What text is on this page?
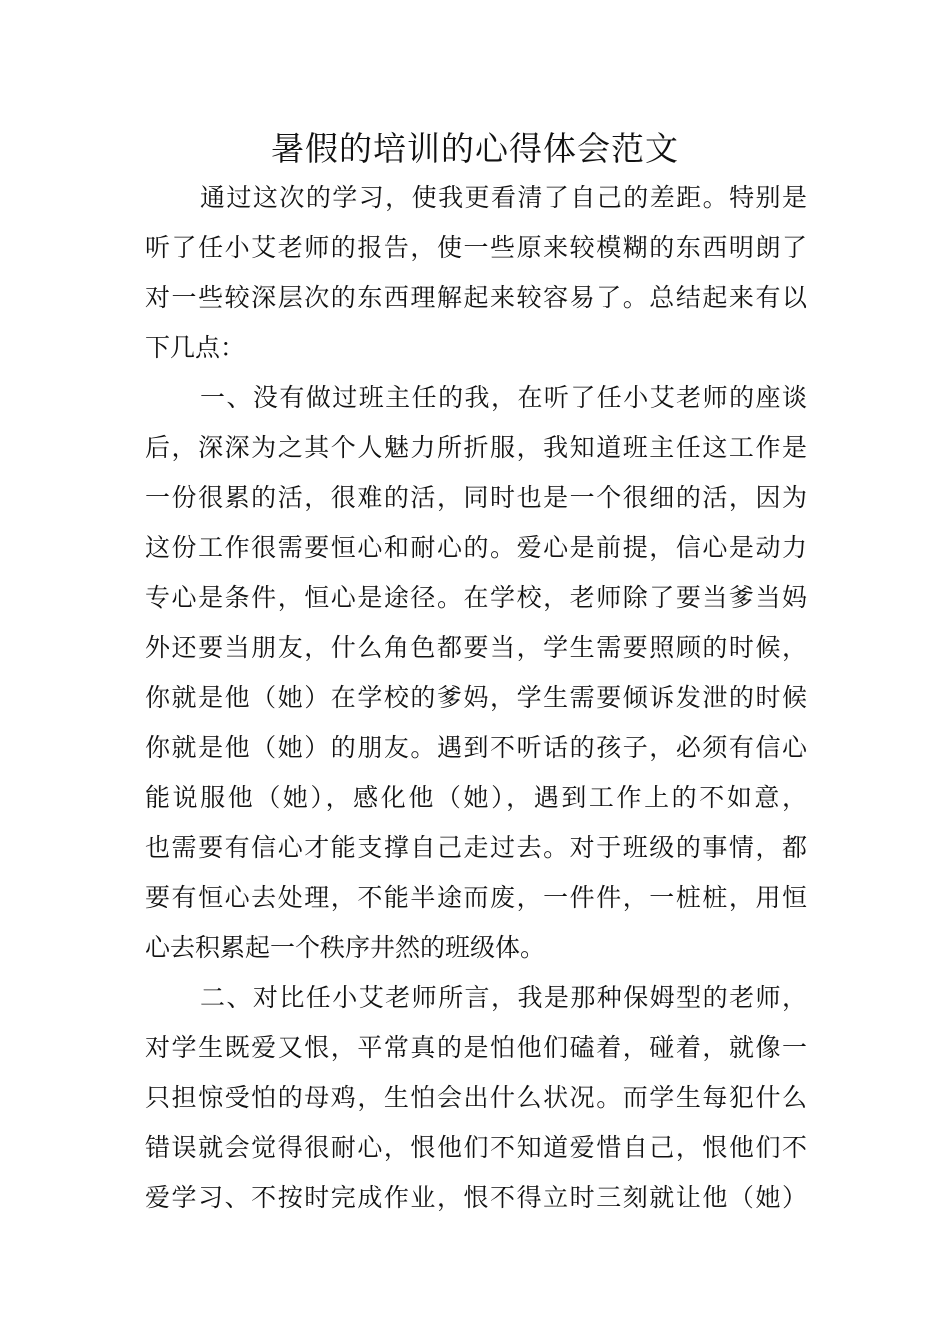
暑假的培训的心得体会范文
通过这次的学习，使我更看清了自己的差距。特别是
听了任小艾老师的报告，使一些原来较模糊的东西明朗了
对一些较深层次的东西理解起来较容易了。总结起来有以
下几点：
一、没有做过班主任的我，在听了任小艾老师的座谈
后，深深为之其个人魅力所折服，我知道班主任这工作是
一份很累的活，很难的活，同时也是一个很细的活，因为
这份工作很需要恒心和耐心的。爱心是前提，信心是动力
专心是条件，恒心是途径。在学校，老师除了要当爹当妈
外还要当朋友，什么角色都要当，学生需要照顾的时候，
你就是他（她）在学校的爹妈，学生需要倾诉发泄的时候
你就是他（她）的朋友。遇到不听话的孩子，必须有信心
能说服他（她），感化他（她），遇到工作上的不如意，
也需要有信心才能支撑自己走过去。对于班级的事情，都
要有恒心去处理，不能半途而废，一件件，一桩桩，用恒
心去积累起一个秩序井然的班级体。
二、对比任小艾老师所言，我是那种保姆型的老师，
对学生既爱又恨，平常真的是怕他们磕着，碰着，就像一
只担惊受怕的母鸡，生怕会出什么状况。而学生每犯什么
错误就会觉得很耐心，恨他们不知道爱惜自己，恨他们不
爱学习、不按时完成作业，恨不得立时三刻就让他（她）
